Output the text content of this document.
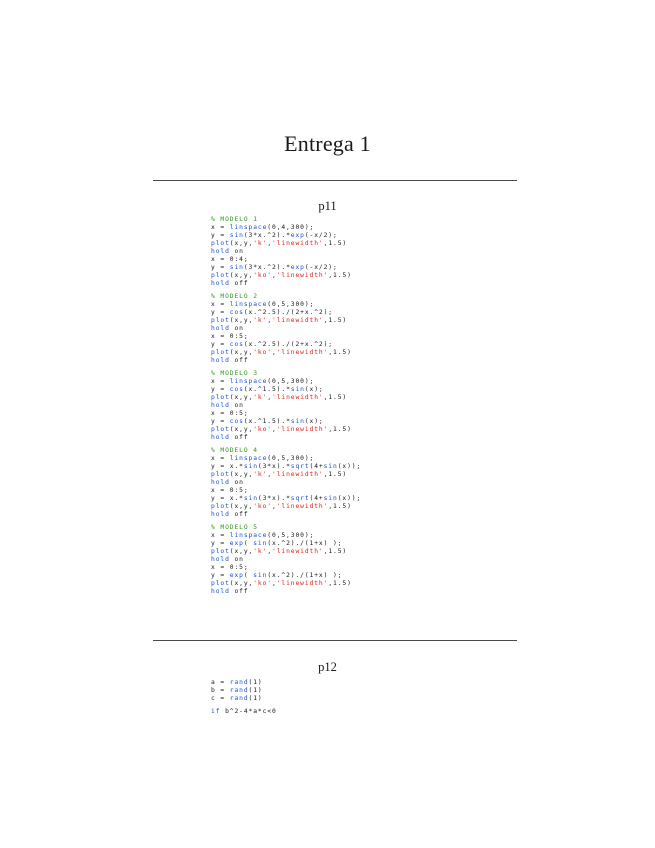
Entrega 1
p11
% MODELO 1
x = linspace(0,4,300);
y = sin(3*x.^2).*exp(-x/2);
plot(x,y,'k','linewidth',1.5)
hold on
x = 0:4;
y = sin(3*x.^2).*exp(-x/2);
plot(x,y,'ko','linewidth',1.5)
hold off
% MODELO 2
x = linspace(0,5,300);
y = cos(x.^2.5)./(2+x.^2);
plot(x,y,'k','linewidth',1.5)
hold on
x = 0:5;
y = cos(x.^2.5)./(2+x.^2);
plot(x,y,'ko','linewidth',1.5)
hold off
% MODELO 3
x = linspace(0,5,300);
y = cos(x.^1.5).*sin(x);
plot(x,y,'k','linewidth',1.5)
hold on
x = 0:5;
y = cos(x.^1.5).*sin(x);
plot(x,y,'ko','linewidth',1.5)
hold off
% MODELO 4
x = linspace(0,5,300);
y = x.*sin(3*x).*sqrt(4+sin(x));
plot(x,y,'k','linewidth',1.5)
hold on
x = 0:5;
y = x.*sin(3*x).*sqrt(4+sin(x));
plot(x,y,'ko','linewidth',1.5)
hold off
% MODELO 5
x = linspace(0,5,300);
y = exp( sin(x.^2)./(1+x) );
plot(x,y,'k','linewidth',1.5)
hold on
x = 0:5;
y = exp( sin(x.^2)./(1+x) );
plot(x,y,'ko','linewidth',1.5)
hold off
p12
a = rand(1)
b = rand(1)
c = rand(1)
if b^2-4*a*c<0
